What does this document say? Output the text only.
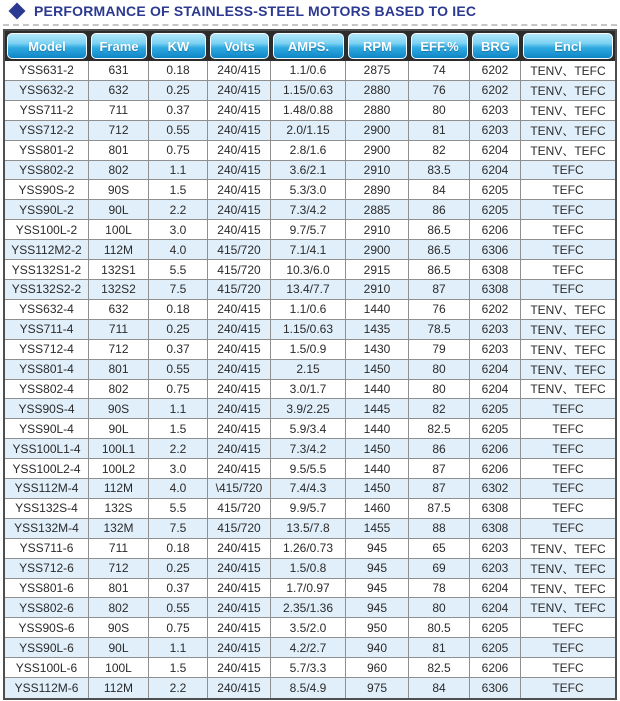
PERFORMANCE OF STAINLESS-STEEL MOTORS BASED TO IEC
Model	Frame	KW	Volts	AMPS.	RPM	EFF.%	BRG	Encl
YSS631-2	631	0.18	240/415	1.1/0.6	2875	74	6202	TENV、TEFC
YSS632-2	632	0.25	240/415	1.15/0.63	2880	76	6202	TENV、TEFC
YSS711-2	711	0.37	240/415	1.48/0.88	2880	80	6203	TENV、TEFC
YSS712-2	712	0.55	240/415	2.0/1.15	2900	81	6203	TENV、TEFC
YSS801-2	801	0.75	240/415	2.8/1.6	2900	82	6204	TENV、TEFC
YSS802-2	802	1.1	240/415	3.6/2.1	2910	83.5	6204	TEFC
YSS90S-2	90S	1.5	240/415	5.3/3.0	2890	84	6205	TEFC
YSS90L-2	90L	2.2	240/415	7.3/4.2	2885	86	6205	TEFC
YSS100L-2	100L	3.0	240/415	9.7/5.7	2910	86.5	6206	TEFC
YSS112M2-2	112M	4.0	415/720	7.1/4.1	2900	86.5	6306	TEFC
YSS132S1-2	132S1	5.5	415/720	10.3/6.0	2915	86.5	6308	TEFC
YSS132S2-2	132S2	7.5	415/720	13.4/7.7	2910	87	6308	TEFC
YSS632-4	632	0.18	240/415	1.1/0.6	1440	76	6202	TENV、TEFC
YSS711-4	711	0.25	240/415	1.15/0.63	1435	78.5	6203	TENV、TEFC
YSS712-4	712	0.37	240/415	1.5/0.9	1430	79	6203	TENV、TEFC
YSS801-4	801	0.55	240/415	2.15	1450	80	6204	TENV、TEFC
YSS802-4	802	0.75	240/415	3.0/1.7	1440	80	6204	TENV、TEFC
YSS90S-4	90S	1.1	240/415	3.9/2.25	1445	82	6205	TEFC
YSS90L-4	90L	1.5	240/415	5.9/3.4	1440	82.5	6205	TEFC
YSS100L1-4	100L1	2.2	240/415	7.3/4.2	1450	86	6206	TEFC
YSS100L2-4	100L2	3.0	240/415	9.5/5.5	1440	87	6206	TEFC
YSS112M-4	112M	4.0	\415/720	7.4/4.3	1450	87	6302	TEFC
YSS132S-4	132S	5.5	415/720	9.9/5.7	1460	87.5	6308	TEFC
YSS132M-4	132M	7.5	415/720	13.5/7.8	1455	88	6308	TEFC
YSS711-6	711	0.18	240/415	1.26/0.73	945	65	6203	TENV、TEFC
YSS712-6	712	0.25	240/415	1.5/0.8	945	69	6203	TENV、TEFC
YSS801-6	801	0.37	240/415	1.7/0.97	945	78	6204	TENV、TEFC
YSS802-6	802	0.55	240/415	2.35/1.36	945	80	6204	TENV、TEFC
YSS90S-6	90S	0.75	240/415	3.5/2.0	950	80.5	6205	TEFC
YSS90L-6	90L	1.1	240/415	4.2/2.7	940	81	6205	TEFC
YSS100L-6	100L	1.5	240/415	5.7/3.3	960	82.5	6206	TEFC
YSS112M-6	112M	2.2	240/415	8.5/4.9	975	84	6306	TEFC
